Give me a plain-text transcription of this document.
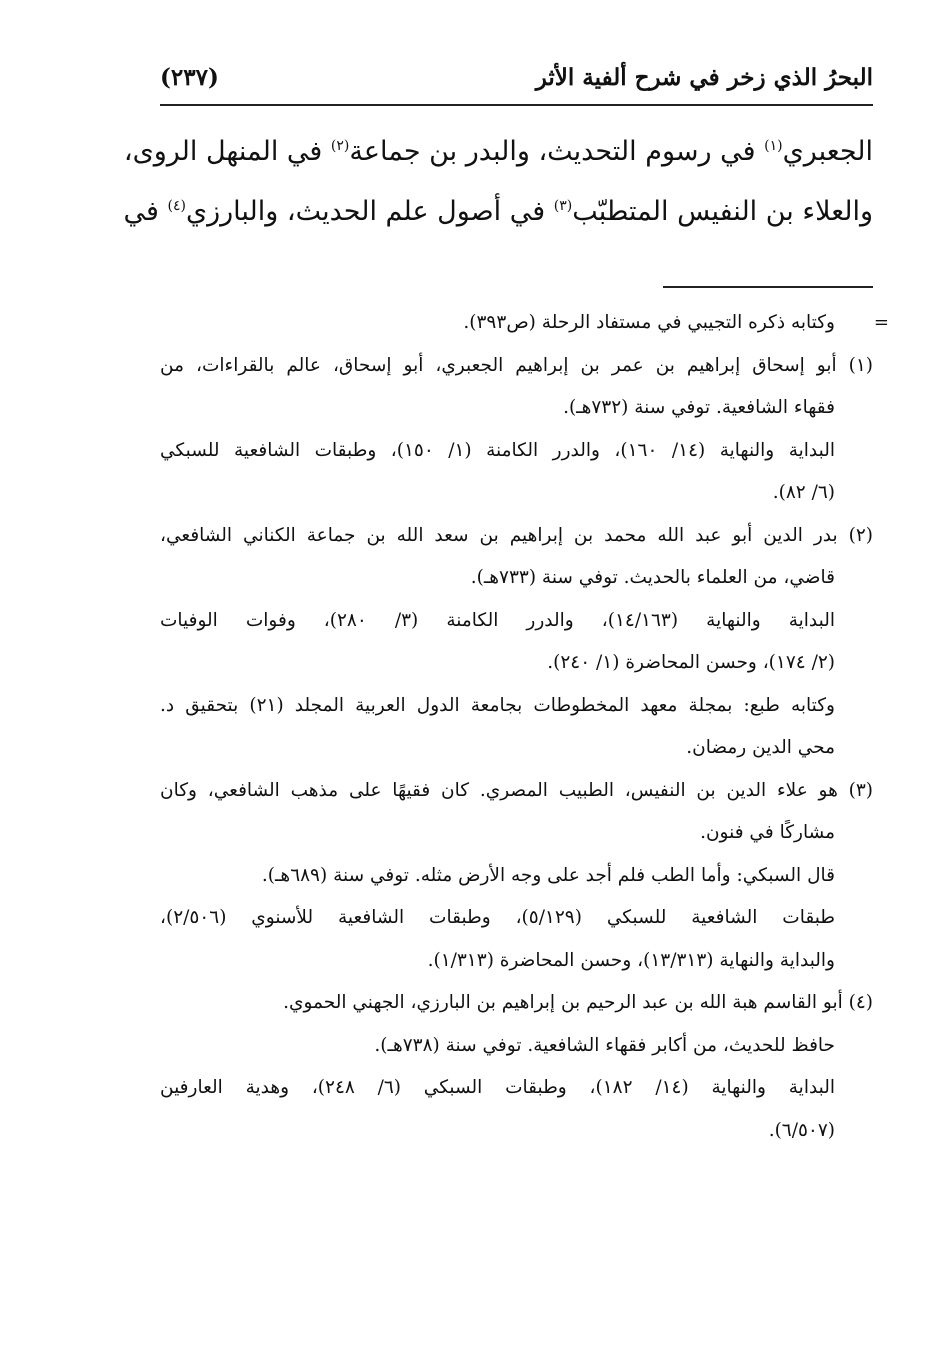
البحرُ الذي زخر في شرح ألفية الأثر
(٢٣٧)
الجعبري$^{(١)}$ في رسوم التحديث، والبدر بن جماعة$^{(٢)}$ في المنهل الروى،
والعلاء بن النفيس المتطبّب$^{(٣)}$ في أصول علم الحديث، والبارزي$^{(٤)}$ في
=
وكتابه ذكره التجيبي في مستفاد الرحلة (ص٣٩٣).
(١) أبو إسحاق إبراهيم بن عمر بن إبراهيم الجعبري، أبو إسحاق، عالم بالقراءات، من
فقهاء الشافعية. توفي سنة (٧٣٢هـ).
البداية والنهاية (١٤/ ١٦٠)، والدرر الكامنة (١/ ١٥٠)، وطبقات الشافعية للسبكي
(٦/ ٨٢).
(٢) بدر الدين أبو عبد الله محمد بن إبراهيم بن سعد الله بن جماعة الكناني الشافعي،
قاضي، من العلماء بالحديث. توفي سنة (٧٣٣هـ).
البداية والنهاية (١٤/١٦٣)، والدرر الكامنة (٣/ ٢٨٠)، وفوات الوفيات
(٢/ ١٧٤)، وحسن المحاضرة (١/ ٢٤٠).
وكتابه طبع: بمجلة معهد المخطوطات بجامعة الدول العربية المجلد (٢١) بتحقيق د.
محي الدين رمضان.
(٣) هو علاء الدين بن النفيس، الطبيب المصري. كان فقيهًا على مذهب الشافعي، وكان
مشاركًا في فنون.
قال السبكي: وأما الطب فلم أجد على وجه الأرض مثله. توفي سنة (٦٨٩هـ).
طبقات الشافعية للسبكي (٥/١٢٩)، وطبقات الشافعية للأسنوي (٢/٥٠٦)،
والبداية والنهاية (١٣/٣١٣)، وحسن المحاضرة (١/٣١٣).
(٤) أبو القاسم هبة الله بن عبد الرحيم بن إبراهيم بن البارزي، الجهني الحموي.
حافظ للحديث، من أكابر فقهاء الشافعية. توفي سنة (٧٣٨هـ).
البداية والنهاية (١٤/ ١٨٢)، وطبقات السبكي (٦/ ٢٤٨)، وهدية العارفين
(٦/٥٠٧).
